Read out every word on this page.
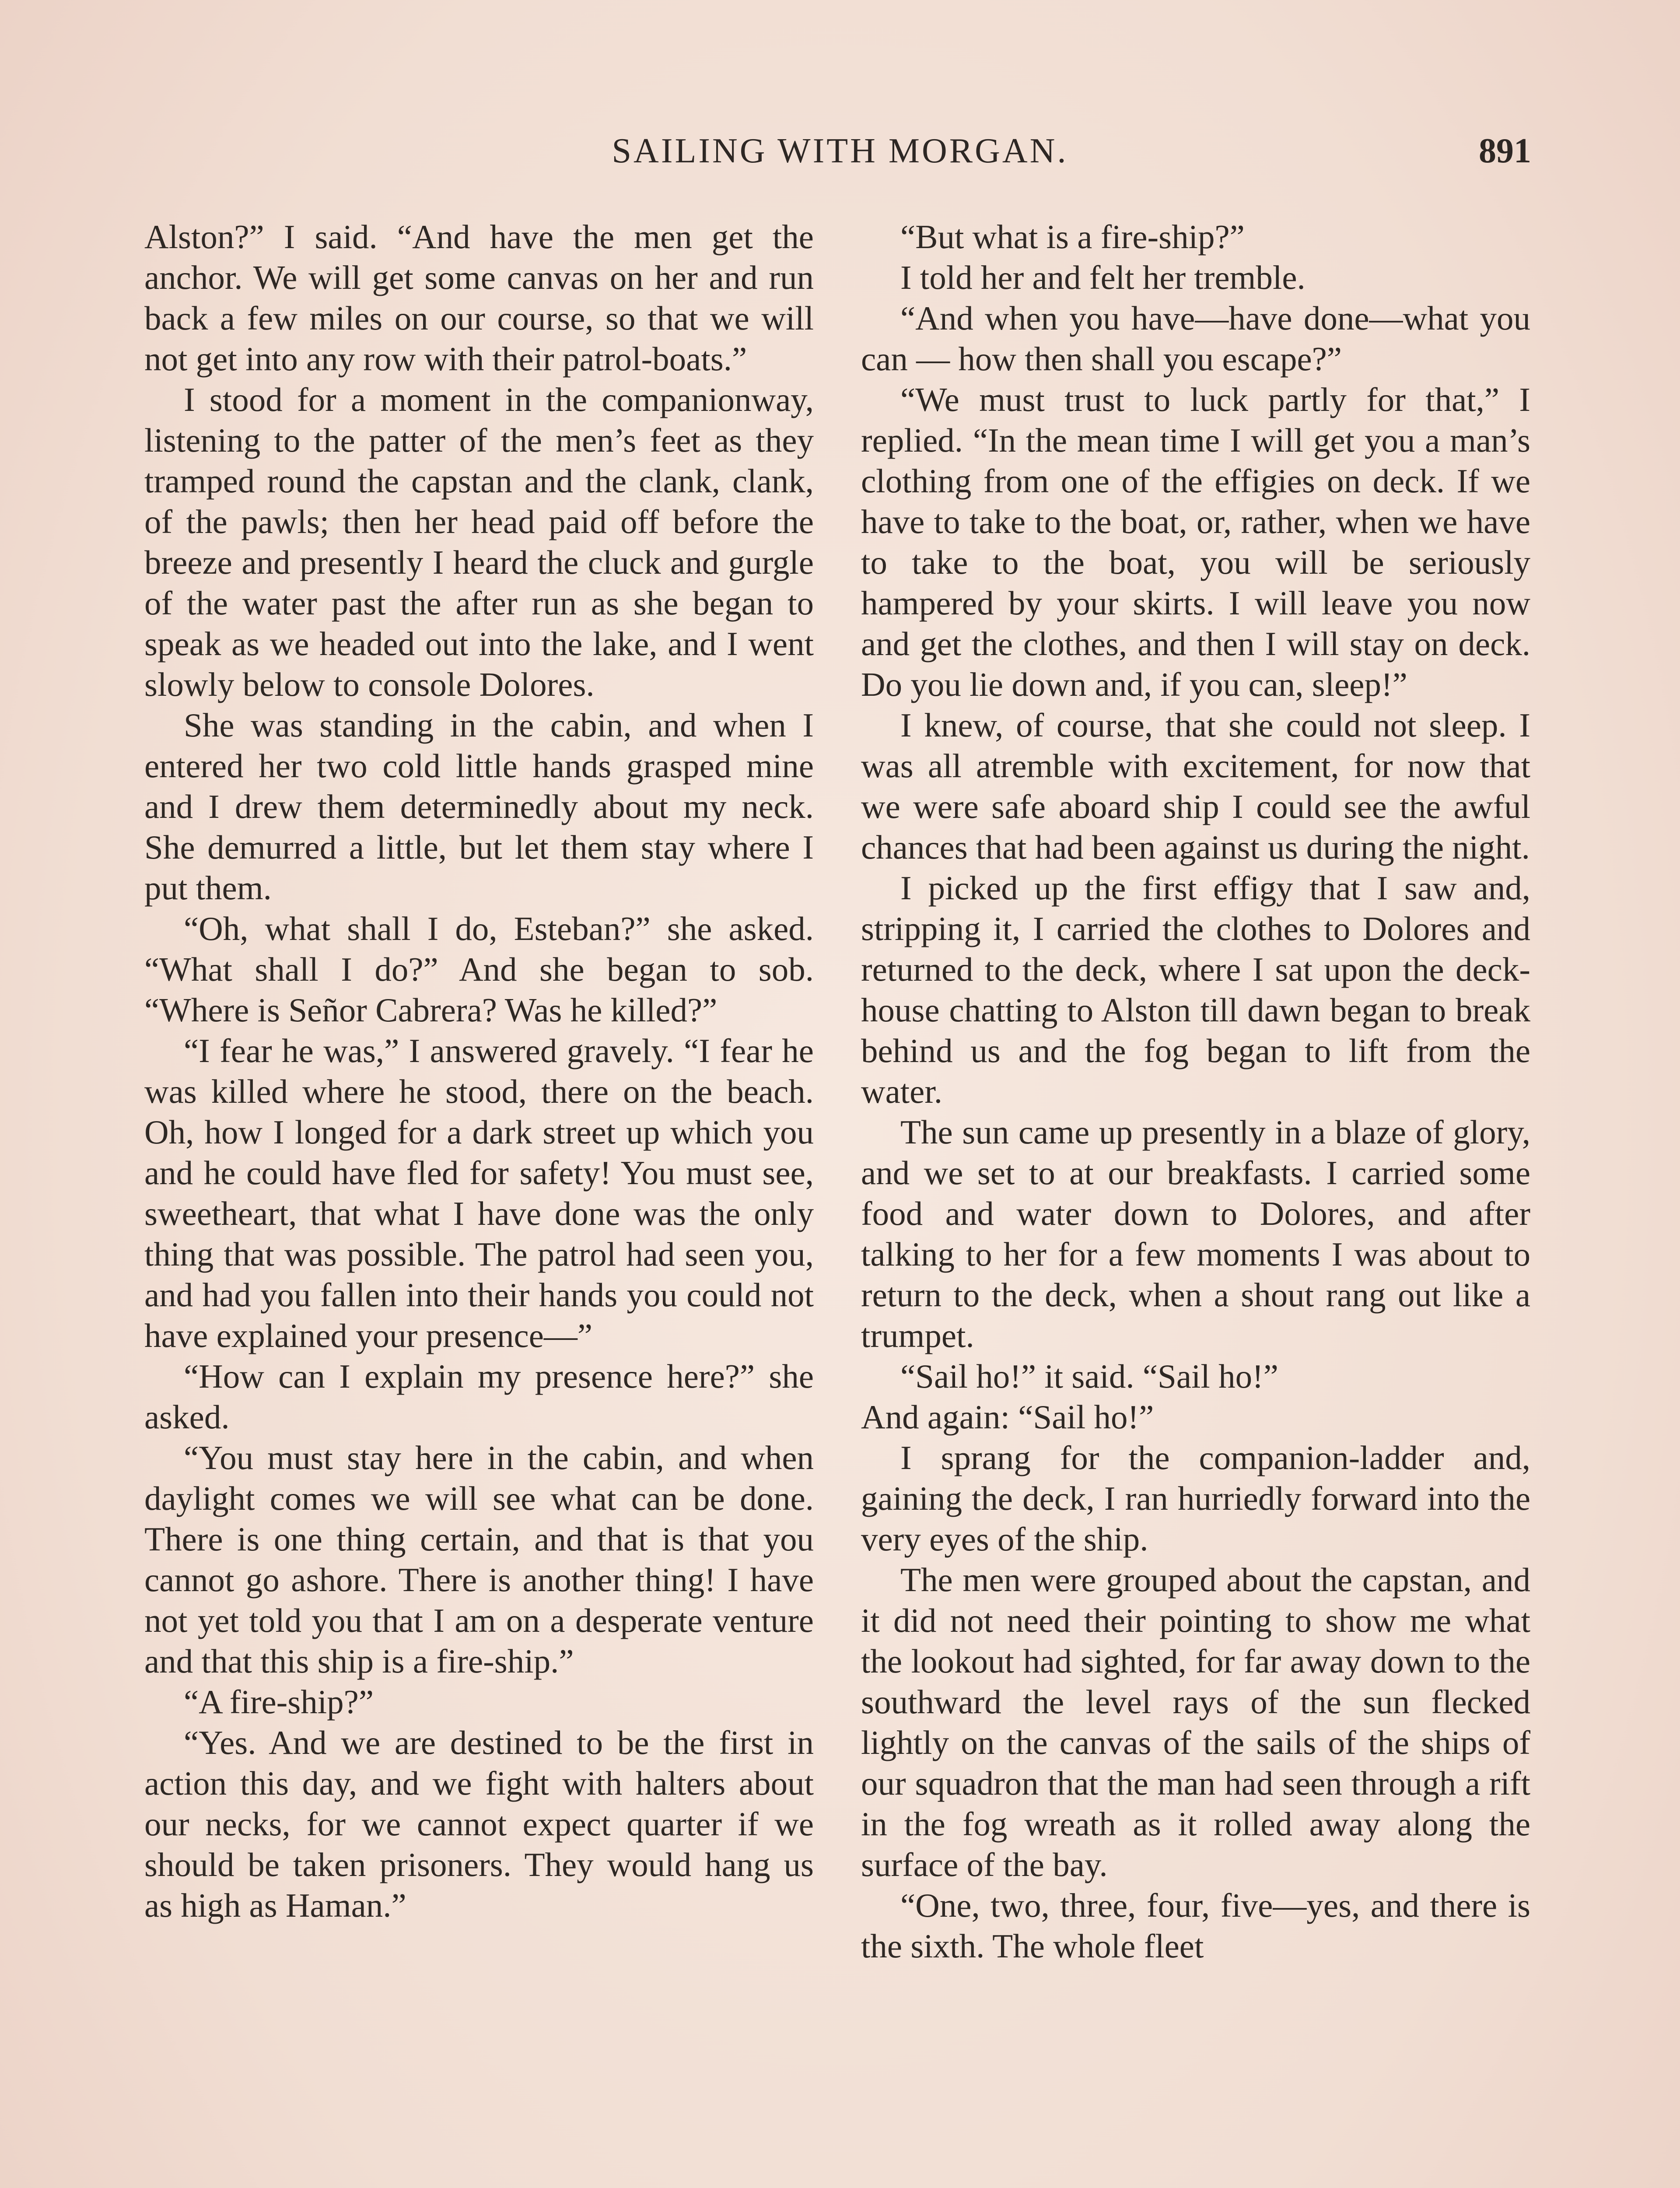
SAILING WITH MORGAN.	891

Alston?” I said. “And have the men get the anchor. We will get some canvas on her and run back a few miles on our course, so that we will not get into any row with their patrol-boats.”

I stood for a moment in the companionway, listening to the patter of the men’s feet as they tramped round the capstan and the clank, clank, of the pawls; then her head paid off before the breeze and presently I heard the cluck and gurgle of the water past the after run as she began to speak as we headed out into the lake, and I went slowly below to console Dolores.

She was standing in the cabin, and when I entered her two cold little hands grasped mine and I drew them determinedly about my neck. She demurred a little, but let them stay where I put them.

“Oh, what shall I do, Esteban?” she asked. “What shall I do?” And she began to sob. “Where is Señor Cabrera? Was he killed?”

“I fear he was,” I answered gravely. “I fear he was killed where he stood, there on the beach. Oh, how I longed for a dark street up which you and he could have fled for safety! You must see, sweetheart, that what I have done was the only thing that was possible. The patrol had seen you, and had you fallen into their hands you could not have explained your presence—”

“How can I explain my presence here?” she asked.

“You must stay here in the cabin, and when daylight comes we will see what can be done. There is one thing certain, and that is that you cannot go ashore. There is another thing! I have not yet told you that I am on a desperate venture and that this ship is a fire-ship.”

“A fire-ship?”

“Yes. And we are destined to be the first in action this day, and we fight with halters about our necks, for we cannot expect quarter if we should be taken prisoners. They would hang us as high as Haman.”

“But what is a fire-ship?”

I told her and felt her tremble.

“And when you have—have done—what you can — how then shall you escape?”

“We must trust to luck partly for that,” I replied. “In the mean time I will get you a man’s clothing from one of the effigies on deck. If we have to take to the boat, or, rather, when we have to take to the boat, you will be seriously hampered by your skirts. I will leave you now and get the clothes, and then I will stay on deck. Do you lie down and, if you can, sleep!”

I knew, of course, that she could not sleep. I was all atremble with excitement, for now that we were safe aboard ship I could see the awful chances that had been against us during the night.

I picked up the first effigy that I saw and, stripping it, I carried the clothes to Dolores and returned to the deck, where I sat upon the deck-house chatting to Alston till dawn began to break behind us and the fog began to lift from the water.

The sun came up presently in a blaze of glory, and we set to at our breakfasts. I carried some food and water down to Dolores, and after talking to her for a few moments I was about to return to the deck, when a shout rang out like a trumpet.

“Sail ho!” it said. “Sail ho!”

And again: “Sail ho!”

I sprang for the companion-ladder and, gaining the deck, I ran hurriedly forward into the very eyes of the ship.

The men were grouped about the capstan, and it did not need their pointing to show me what the lookout had sighted, for far away down to the southward the level rays of the sun flecked lightly on the canvas of the sails of the ships of our squadron that the man had seen through a rift in the fog wreath as it rolled away along the surface of the bay.

“One, two, three, four, five—yes, and there is the sixth. The whole fleet
